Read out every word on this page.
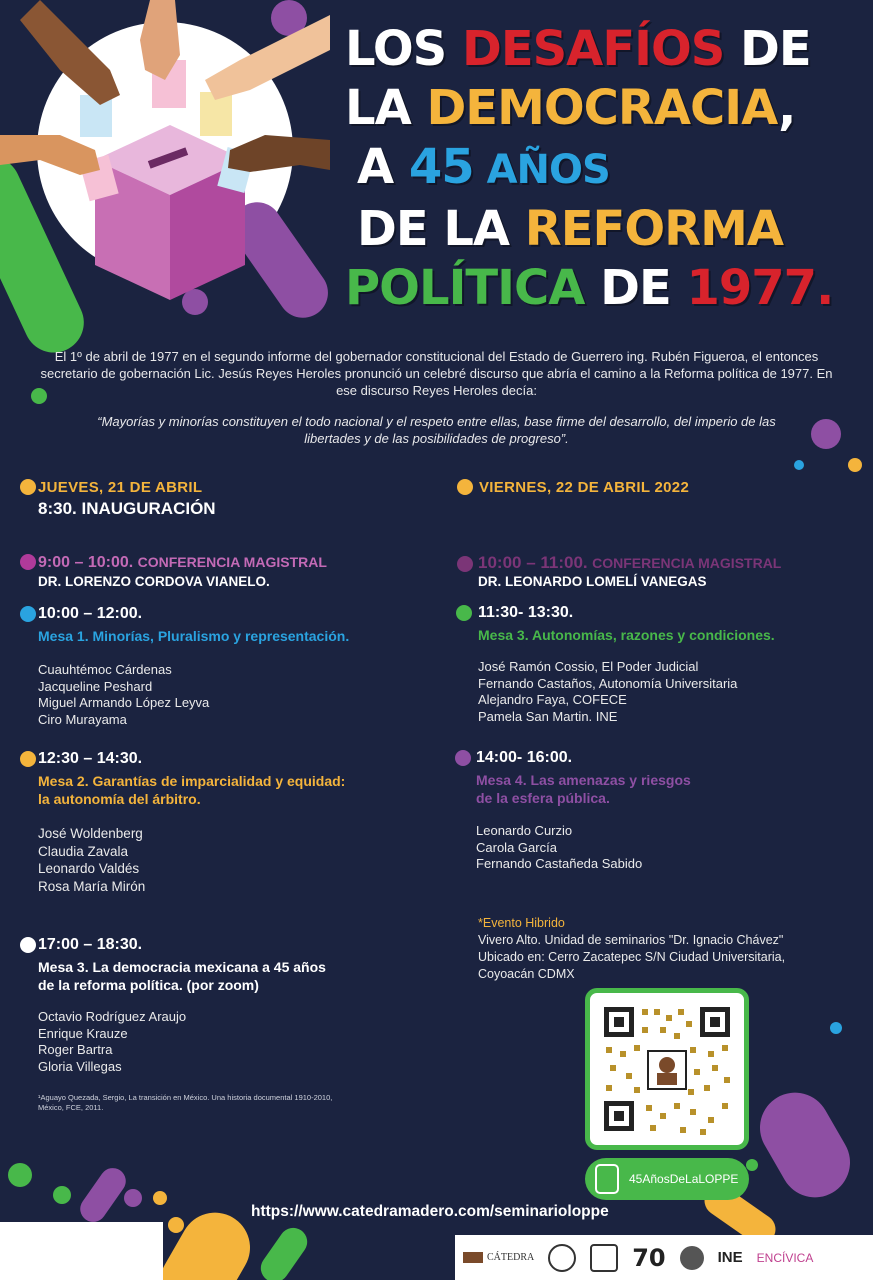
LOS DESAFÍOS DE
LA DEMOCRACIA,
A 45 AÑOS
DE LA REFORMA
POLÍTICA DE 1977.
El 1º de abril de 1977 en el segundo informe del gobernador constitucional del Estado de Guerrero ing. Rubén Figueroa, el entonces secretario de gobernación Lic. Jesús Reyes Heroles pronunció un celebré discurso que abría el camino a la Reforma política de 1977. En ese discurso Reyes Heroles decía:
“Mayorías y minorías constituyen el todo nacional y el respeto entre ellas, base firme del desarrollo, del imperio de las libertades y de las posibilidades de progreso”.
JUEVES, 21 DE ABRIL
8:30. INAUGURACIÓN
9:00 – 10:00. CONFERENCIA MAGISTRAL
DR. LORENZO CORDOVA VIANELO.
10:00 – 12:00.
Mesa 1. Minorías, Pluralismo y representación.
Cuauhtémoc Cárdenas
Jacqueline Peshard
Miguel Armando López Leyva
Ciro Murayama
12:30 – 14:30.
Mesa 2. Garantías de imparcialidad y equidad:
la autonomía del árbitro.
José Woldenberg
Claudia Zavala
Leonardo Valdés
Rosa María Mirón
17:00 – 18:30.
Mesa 3. La democracia mexicana a 45 años
de la reforma política. (por zoom)
Octavio Rodríguez Araujo
Enrique Krauze
Roger Bartra
Gloria Villegas
¹Aguayo Quezada, Sergio, La transición en México. Una historia documental 1910-2010,
México, FCE, 2011.
VIERNES, 22 DE ABRIL 2022
10:00 – 11:00. CONFERENCIA MAGISTRAL
DR. LEONARDO LOMELÍ VANEGAS
11:30- 13:30.
Mesa 3. Autonomías, razones y condiciones.
José Ramón Cossio, El Poder Judicial
Fernando Castaños, Autonomía Universitaria
Alejandro Faya, COFECE
Pamela San Martin. INE
14:00- 16:00.
Mesa 4. Las amenazas y riesgos
de la esfera pública.
Leonardo Curzio
Carola García
Fernando Castañeda Sabido
*Evento Hibrido
Vivero Alto. Unidad de seminarios "Dr. Ignacio Chávez"
Ubicado en: Cerro Zacatepec S/N Ciudad Universitaria,
Coyoacán CDMX
45AñosDeLaLOPPE
https://www.catedramadero.com/seminarioloppe
CÁTEDRA	70	INE ENCÍVICA
